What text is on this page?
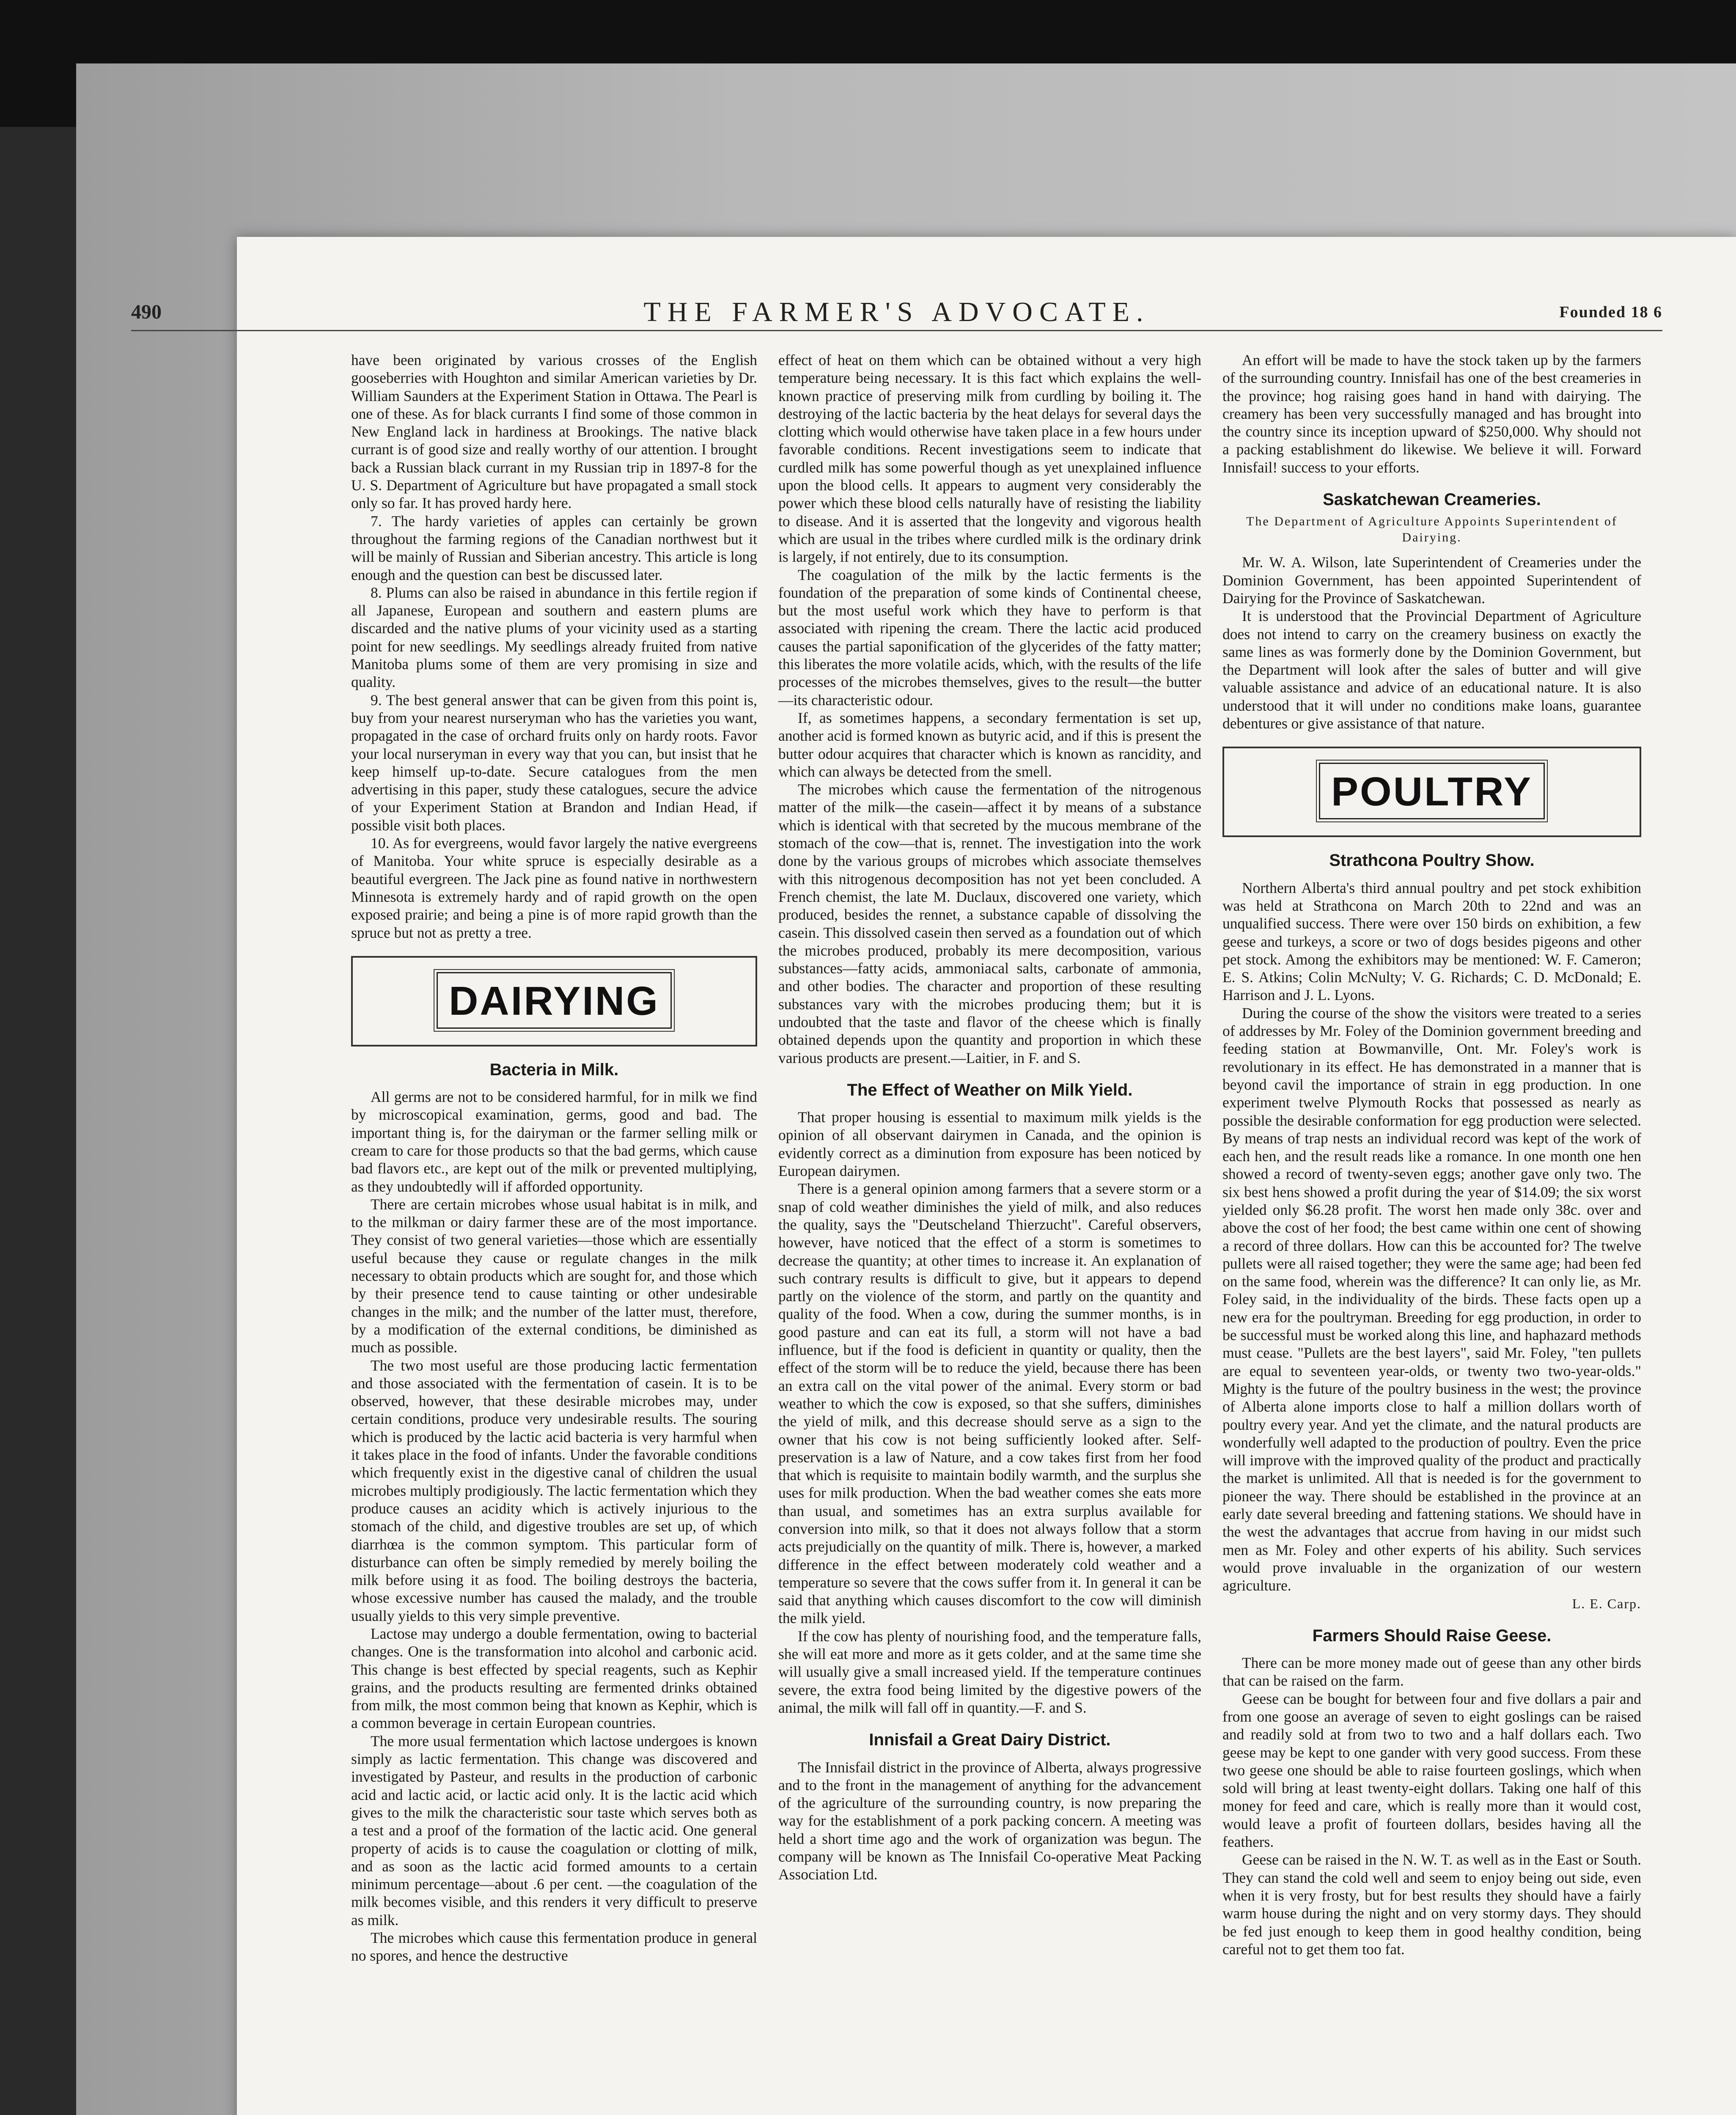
490	THE FARMER'S ADVOCATE.	Founded 18 6

have been originated by various crosses of the English gooseberries with Houghton and similar American varieties by Dr. William Saunders at the Experiment Station in Ottawa. The Pearl is one of these. As for black currants I find some of those common in New England lack in hardiness at Brookings. The native black currant is of good size and really worthy of our attention. I brought back a Russian black currant in my Russian trip in 1897-8 for the U. S. Department of Agriculture but have propagated a small stock only so far. It has proved hardy here.

7. The hardy varieties of apples can certainly be grown throughout the farming regions of the Canadian northwest but it will be mainly of Russian and Siberian ancestry. This article is long enough and the question can best be discussed later.

8. Plums can also be raised in abundance in this fertile region if all Japanese, European and southern and eastern plums are discarded and the native plums of your vicinity used as a starting point for new seedlings. My seedlings already fruited from native Manitoba plums some of them are very promising in size and quality.

9. The best general answer that can be given from this point is, buy from your nearest nurseryman who has the varieties you want, propagated in the case of orchard fruits only on hardy roots. Favor your local nurseryman in every way that you can, but insist that he keep himself up-to-date. Secure catalogues from the men advertising in this paper, study these catalogues, secure the advice of your Experiment Station at Brandon and Indian Head, if possible visit both places.

10. As for evergreens, would favor largely the native evergreens of Manitoba. Your white spruce is especially desirable as a beautiful evergreen. The Jack pine as found native in northwestern Minnesota is extremely hardy and of rapid growth on the open exposed prairie; and being a pine is of more rapid growth than the spruce but not as pretty a tree.

DAIRYING
Bacteria in Milk.

All germs are not to be considered harmful, for in milk we find by microscopical examination, germs, good and bad. The important thing is, for the dairyman or the farmer selling milk or cream to care for those products so that the bad germs, which cause bad flavors etc., are kept out of the milk or prevented multiplying, as they undoubtedly will if afforded opportunity.

There are certain microbes whose usual habitat is in milk, and to the milkman or dairy farmer these are of the most importance. They consist of two general varieties—those which are essentially useful because they cause or regulate changes in the milk necessary to obtain products which are sought for, and those which by their presence tend to cause tainting or other undesirable changes in the milk; and the number of the latter must, therefore, by a modification of the external conditions, be diminished as much as possible.

The two most useful are those producing lactic fermentation and those associated with the fermentation of casein. It is to be observed, however, that these desirable microbes may, under certain conditions, produce very undesirable results. The souring which is produced by the lactic acid bacteria is very harmful when it takes place in the food of infants. Under the favorable conditions which frequently exist in the digestive canal of children the usual microbes multiply prodigiously. The lactic fermentation which they produce causes an acidity which is actively injurious to the stomach of the child, and digestive troubles are set up, of which diarrhœa is the common symptom. This particular form of disturbance can often be simply remedied by merely boiling the milk before using it as food. The boiling destroys the bacteria, whose excessive number has caused the malady, and the trouble usually yields to this very simple preventive.

Lactose may undergo a double fermentation, owing to bacterial changes. One is the transformation into alcohol and carbonic acid. This change is best effected by special reagents, such as Kephir grains, and the products resulting are fermented drinks obtained from milk, the most common being that known as Kephir, which is a common beverage in certain European countries.

The more usual fermentation which lactose undergoes is known simply as lactic fermentation. This change was discovered and investigated by Pasteur, and results in the production of carbonic acid and lactic acid, or lactic acid only. It is the lactic acid which gives to the milk the characteristic sour taste which serves both as a test and a proof of the formation of the lactic acid. One general property of acids is to cause the coagulation or clotting of milk, and as soon as the lactic acid formed amounts to a certain minimum percentage—about .6 per cent. —the coagulation of the milk becomes visible, and this renders it very difficult to preserve as milk.

The microbes which cause this fermentation produce in general no spores, and hence the destructive

effect of heat on them which can be obtained without a very high temperature being necessary. It is this fact which explains the well-known practice of preserving milk from curdling by boiling it. The destroying of the lactic bacteria by the heat delays for several days the clotting which would otherwise have taken place in a few hours under favorable conditions. Recent investigations seem to indicate that curdled milk has some powerful though as yet unexplained influence upon the blood cells. It appears to augment very considerably the power which these blood cells naturally have of resisting the liability to disease. And it is asserted that the longevity and vigorous health which are usual in the tribes where curdled milk is the ordinary drink is largely, if not entirely, due to its consumption.

The coagulation of the milk by the lactic ferments is the foundation of the preparation of some kinds of Continental cheese, but the most useful work which they have to perform is that associated with ripening the cream. There the lactic acid produced causes the partial saponification of the glycerides of the fatty matter; this liberates the more volatile acids, which, with the results of the life processes of the microbes themselves, gives to the result—the butter —its characteristic odour.

If, as sometimes happens, a secondary fermentation is set up, another acid is formed known as butyric acid, and if this is present the butter odour acquires that character which is known as rancidity, and which can always be detected from the smell.

The microbes which cause the fermentation of the nitrogenous matter of the milk—the casein—affect it by means of a substance which is identical with that secreted by the mucous membrane of the stomach of the cow—that is, rennet. The investigation into the work done by the various groups of microbes which associate themselves with this nitrogenous decomposition has not yet been concluded. A French chemist, the late M. Duclaux, discovered one variety, which produced, besides the rennet, a substance capable of dissolving the casein. This dissolved casein then served as a foundation out of which the microbes produced, probably its mere decomposition, various substances—fatty acids, ammoniacal salts, carbonate of ammonia, and other bodies. The character and proportion of these resulting substances vary with the microbes producing them; but it is undoubted that the taste and flavor of the cheese which is finally obtained depends upon the quantity and proportion in which these various products are present.—Laitier, in F. and S.

The Effect of Weather on Milk Yield.

That proper housing is essential to maximum milk yields is the opinion of all observant dairymen in Canada, and the opinion is evidently correct as a diminution from exposure has been noticed by European dairymen.

There is a general opinion among farmers that a severe storm or a snap of cold weather diminishes the yield of milk, and also reduces the quality, says the "Deutscheland Thierzucht". Careful observers, however, have noticed that the effect of a storm is sometimes to decrease the quantity; at other times to increase it. An explanation of such contrary results is difficult to give, but it appears to depend partly on the violence of the storm, and partly on the quantity and quality of the food. When a cow, during the summer months, is in good pasture and can eat its full, a storm will not have a bad influence, but if the food is deficient in quantity or quality, then the effect of the storm will be to reduce the yield, because there has been an extra call on the vital power of the animal. Every storm or bad weather to which the cow is exposed, so that she suffers, diminishes the yield of milk, and this decrease should serve as a sign to the owner that his cow is not being sufficiently looked after. Self-preservation is a law of Nature, and a cow takes first from her food that which is requisite to maintain bodily warmth, and the surplus she uses for milk production. When the bad weather comes she eats more than usual, and sometimes has an extra surplus available for conversion into milk, so that it does not always follow that a storm acts prejudicially on the quantity of milk. There is, however, a marked difference in the effect between moderately cold weather and a temperature so severe that the cows suffer from it. In general it can be said that anything which causes discomfort to the cow will diminish the milk yield.

If the cow has plenty of nourishing food, and the temperature falls, she will eat more and more as it gets colder, and at the same time she will usually give a small increased yield. If the temperature continues severe, the extra food being limited by the digestive powers of the animal, the milk will fall off in quantity.—F. and S.

Innisfail a Great Dairy District.

The Innisfail district in the province of Alberta, always progressive and to the front in the management of anything for the advancement of the agriculture of the surrounding country, is now preparing the way for the establishment of a pork packing concern. A meeting was held a short time ago and the work of organization was begun. The company will be known as The Innisfail Co-operative Meat Packing Association Ltd.

An effort will be made to have the stock taken up by the farmers of the surrounding country. Innisfail has one of the best creameries in the province; hog raising goes hand in hand with dairying. The creamery has been very successfully managed and has brought into the country since its inception upward of $250,000. Why should not a packing establishment do likewise. We believe it will. Forward Innisfail! success to your efforts.

Saskatchewan Creameries.
The Department of Agriculture Appoints Superintendent of Dairying.

Mr. W. A. Wilson, late Superintendent of Creameries under the Dominion Government, has been appointed Superintendent of Dairying for the Province of Saskatchewan.

It is understood that the Provincial Department of Agriculture does not intend to carry on the creamery business on exactly the same lines as was formerly done by the Dominion Government, but the Department will look after the sales of butter and will give valuable assistance and advice of an educational nature. It is also understood that it will under no conditions make loans, guarantee debentures or give assistance of that nature.

POULTRY
Strathcona Poultry Show.

Northern Alberta's third annual poultry and pet stock exhibition was held at Strathcona on March 20th to 22nd and was an unqualified success. There were over 150 birds on exhibition, a few geese and turkeys, a score or two of dogs besides pigeons and other pet stock. Among the exhibitors may be mentioned: W. F. Cameron; E. S. Atkins; Colin McNulty; V. G. Richards; C. D. McDonald; E. Harrison and J. L. Lyons.

During the course of the show the visitors were treated to a series of addresses by Mr. Foley of the Dominion government breeding and feeding station at Bowmanville, Ont. Mr. Foley's work is revolutionary in its effect. He has demonstrated in a manner that is beyond cavil the importance of strain in egg production. In one experiment twelve Plymouth Rocks that possessed as nearly as possible the desirable conformation for egg production were selected. By means of trap nests an individual record was kept of the work of each hen, and the result reads like a romance. In one month one hen showed a record of twenty-seven eggs; another gave only two. The six best hens showed a profit during the year of $14.09; the six worst yielded only $6.28 profit. The worst hen made only 38c. over and above the cost of her food; the best came within one cent of showing a record of three dollars. How can this be accounted for? The twelve pullets were all raised together; they were the same age; had been fed on the same food, wherein was the difference? It can only lie, as Mr. Foley said, in the individuality of the birds. These facts open up a new era for the poultryman. Breeding for egg production, in order to be successful must be worked along this line, and haphazard methods must cease. "Pullets are the best layers", said Mr. Foley, "ten pullets are equal to seventeen year-olds, or twenty two two-year-olds." Mighty is the future of the poultry business in the west; the province of Alberta alone imports close to half a million dollars worth of poultry every year. And yet the climate, and the natural products are wonderfully well adapted to the production of poultry. Even the price will improve with the improved quality of the product and practically the market is unlimited. All that is needed is for the government to pioneer the way. There should be established in the province at an early date several breeding and fattening stations. We should have in the west the advantages that accrue from having in our midst such men as Mr. Foley and other experts of his ability. Such services would prove invaluable in the organization of our western agriculture.

L. E. Carp.
Farmers Should Raise Geese.

There can be more money made out of geese than any other birds that can be raised on the farm.

Geese can be bought for between four and five dollars a pair and from one goose an average of seven to eight goslings can be raised and readily sold at from two to two and a half dollars each. Two geese may be kept to one gander with very good success. From these two geese one should be able to raise fourteen goslings, which when sold will bring at least twenty-eight dollars. Taking one half of this money for feed and care, which is really more than it would cost, would leave a profit of fourteen dollars, besides having all the feathers.

Geese can be raised in the N. W. T. as well as in the East or South. They can stand the cold well and seem to enjoy being out side, even when it is very frosty, but for best results they should have a fairly warm house during the night and on very stormy days. They should be fed just enough to keep them in good healthy condition, being careful not to get them too fat.
